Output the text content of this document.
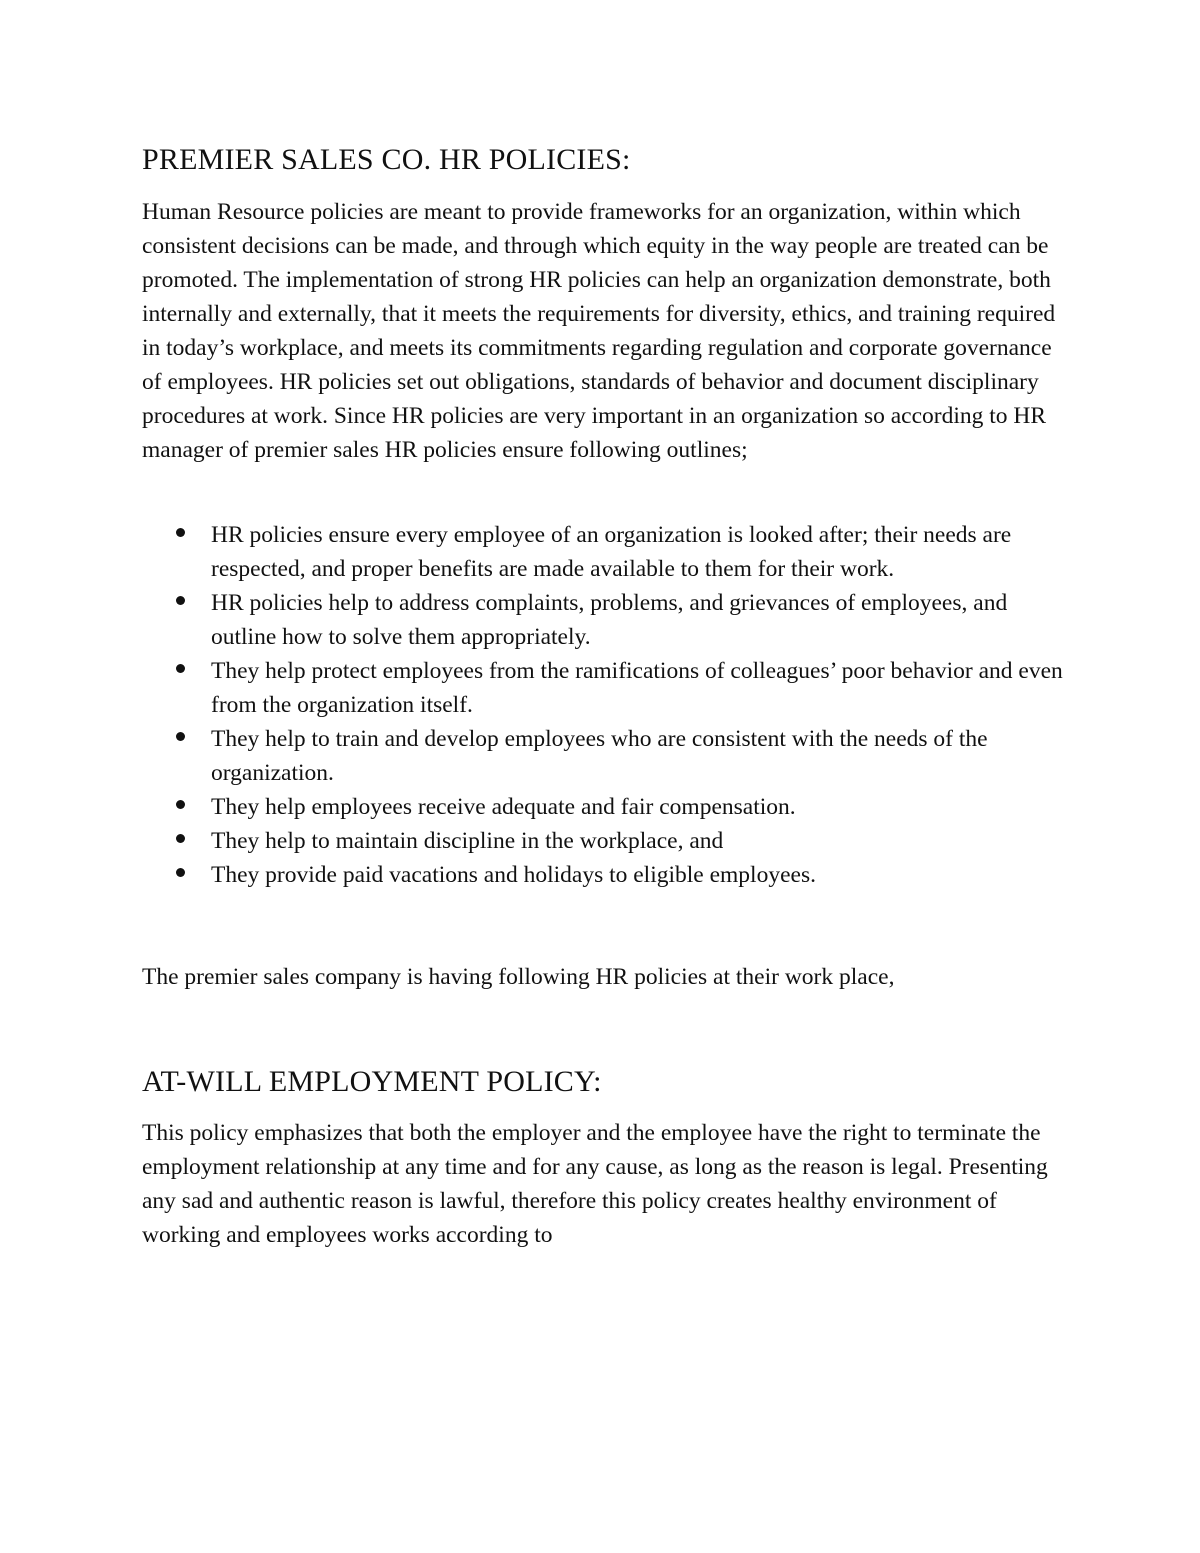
PREMIER SALES CO. HR POLICIES:

Human Resource policies are meant to provide frameworks for an organization, within which consistent decisions can be made, and through which equity in the way people are treated can be promoted. The implementation of strong HR policies can help an organization demonstrate, both internally and externally, that it meets the requirements for diversity, ethics, and training required in today’s workplace, and meets its commitments regarding regulation and corporate governance of employees. HR policies set out obligations, standards of behavior and document disciplinary procedures at work. Since HR policies are very important in an organization so according to HR manager of premier sales HR policies ensure following outlines;

HR policies ensure every employee of an organization is looked after; their needs are respected, and proper benefits are made available to them for their work.
HR policies help to address complaints, problems, and grievances of employees, and outline how to solve them appropriately.
They help protect employees from the ramifications of colleagues’ poor behavior and even from the organization itself.
They help to train and develop employees who are consistent with the needs of the organization.
They help employees receive adequate and fair compensation.
They help to maintain discipline in the workplace, and
They provide paid vacations and holidays to eligible employees.

The premier sales company is having following HR policies at their work place,

AT-WILL EMPLOYMENT POLICY:

This policy emphasizes that both the employer and the employee have the right to terminate the employment relationship at any time and for any cause, as long as the reason is legal. Presenting any sad and authentic reason is lawful, therefore this policy creates healthy environment of working and employees works according to
